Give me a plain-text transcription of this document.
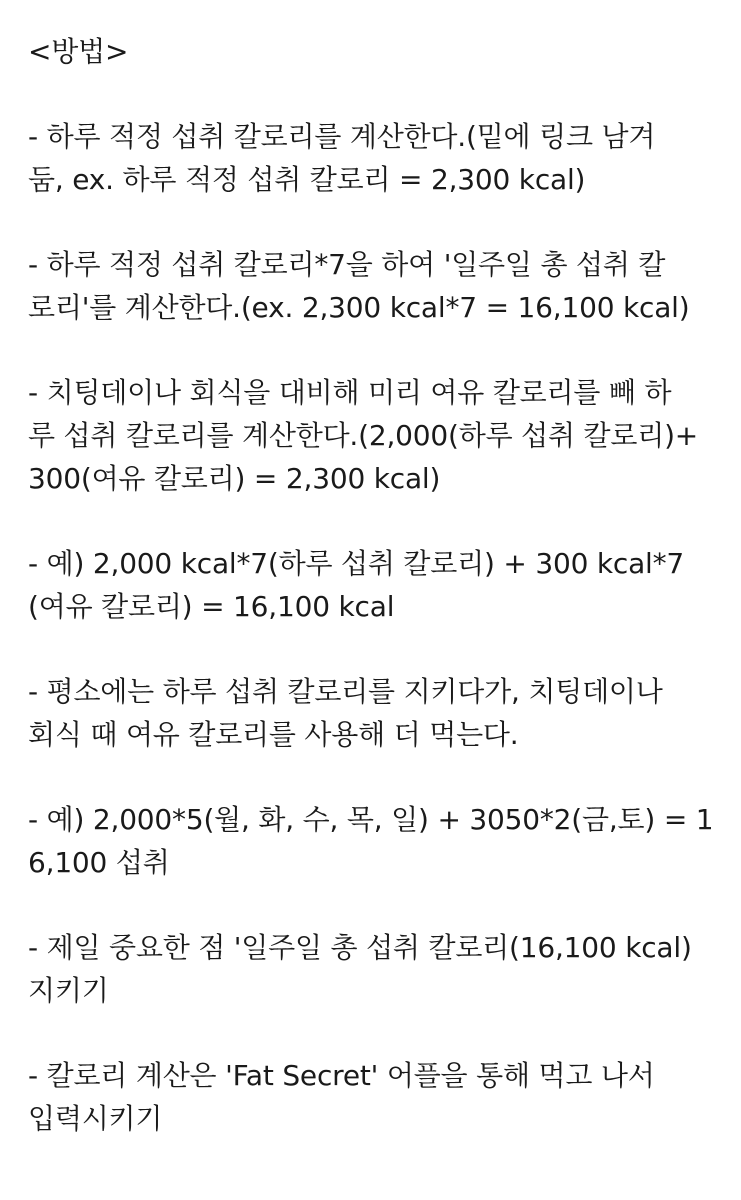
<방법>
- 하루 적정 섭취 칼로리를 계산한다.(밑에 링크 남겨
둠, ex. 하루 적정 섭취 칼로리 = 2,300 kcal)
- 하루 적정 섭취 칼로리*7을 하여 '일주일 총 섭취 칼
로리'를 계산한다.(ex. 2,300 kcal*7 = 16,100 kcal)
- 치팅데이나 회식을 대비해 미리 여유 칼로리를 빼 하
루 섭취 칼로리를 계산한다.(2,000(하루 섭취 칼로리)+
300(여유 칼로리) = 2,300 kcal)
- 예) 2,000 kcal*7(하루 섭취 칼로리) + 300 kcal*7
(여유 칼로리) = 16,100 kcal
- 평소에는 하루 섭취 칼로리를 지키다가, 치팅데이나
회식 때 여유 칼로리를 사용해 더 먹는다.
- 예) 2,000*5(월, 화, 수, 목, 일) + 3050*2(금,토) = 1
6,100 섭취
- 제일 중요한 점 '일주일 총 섭취 칼로리(16,100 kcal)
지키기
- 칼로리 계산은 'Fat Secret' 어플을 통해 먹고 나서
입력시키기
